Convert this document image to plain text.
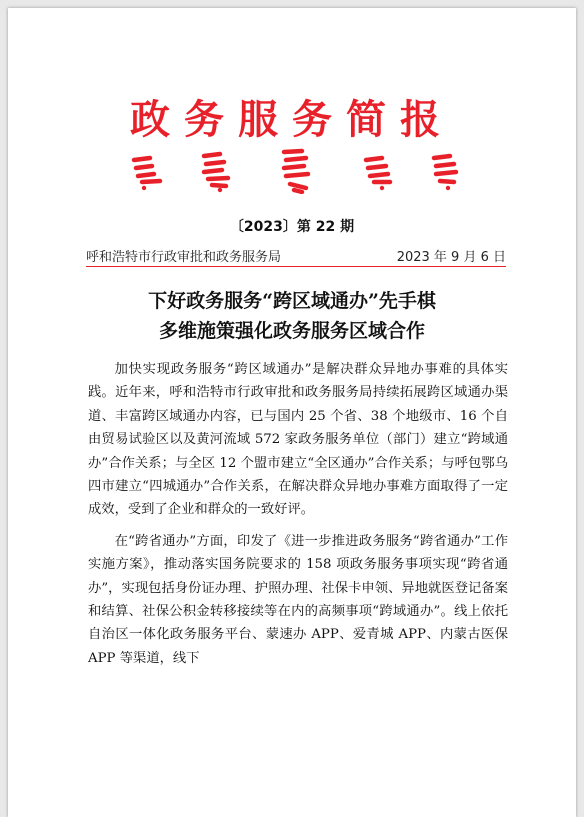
政务服务简报
〔2023〕第 22 期
呼和浩特市行政审批和政务服务局	2023 年 9 月 6 日
下好政务服务“跨区域通办”先手棋
多维施策强化政务服务区域合作

加快实现政务服务“跨区域通办”是解决群众异地办事难的具体实践。近年来，呼和浩特市行政审批和政务服务局持续拓展跨区域通办渠道、丰富跨区域通办内容，已与国内 25 个省、38 个地级市、16 个自由贸易试验区以及黄河流域 572 家政务服务单位（部门）建立“跨域通办”合作关系；与全区 12 个盟市建立“全区通办”合作关系；与呼包鄂乌四市建立“四城通办”合作关系，在解决群众异地办事难方面取得了一定成效，受到了企业和群众的一致好评。

在“跨省通办”方面，印发了《进一步推进政务服务“跨省通办”工作实施方案》，推动落实国务院要求的 158 项政务服务事项实现“跨省通办”，实现包括身份证办理、护照办理、社保卡申领、异地就医登记备案和结算、社保公积金转移接续等在内的高频事项“跨域通办”。线上依托自治区一体化政务服务平台、蒙速办 APP、爱青城 APP、内蒙古医保 APP 等渠道，线下
